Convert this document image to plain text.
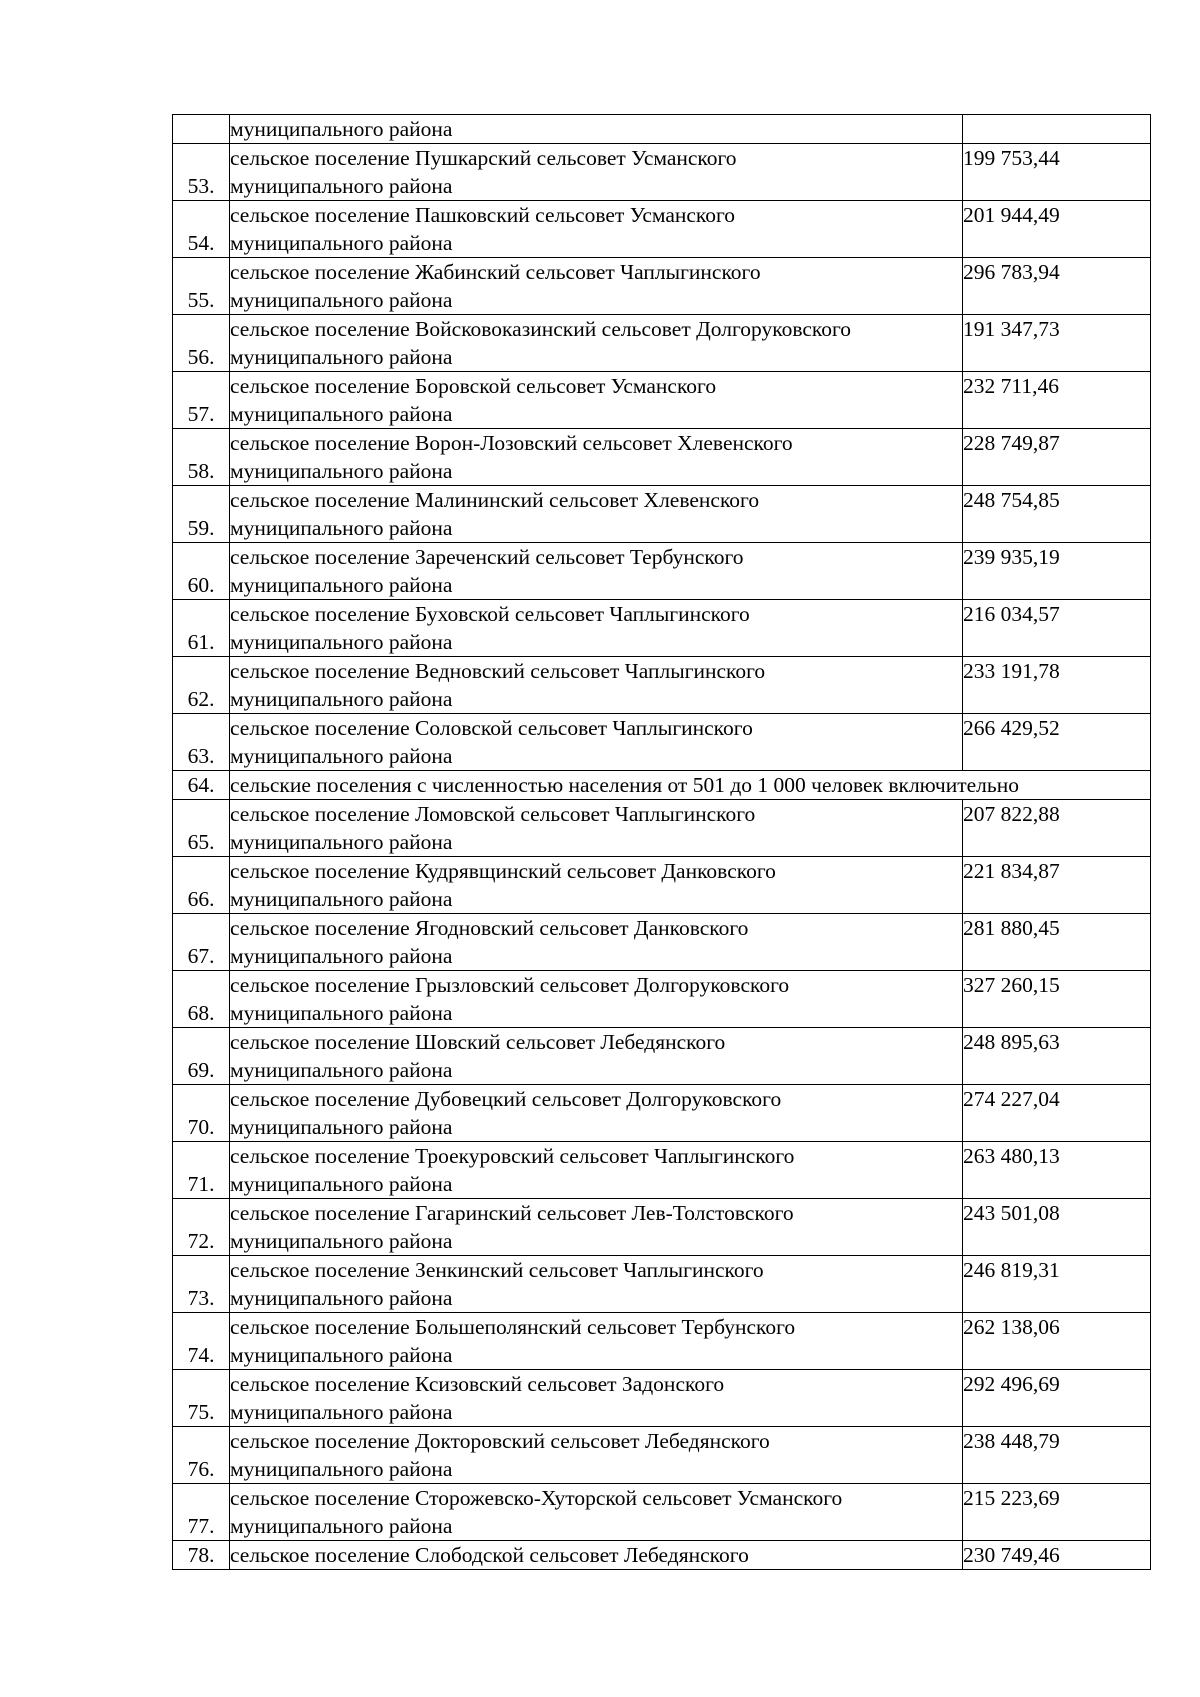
	муниципального района	

53.	сельское поселение Пушкарский сельсовет Усманского
муниципального района	199 753,44
54.	сельское поселение Пашковский сельсовет Усманского
муниципального района	201 944,49
55.	сельское поселение Жабинский сельсовет Чаплыгинского
муниципального района	296 783,94
56.	сельское поселение Войсковоказинский сельсовет Долгоруковского
муниципального района	191 347,73
57.	сельское поселение Боровской сельсовет Усманского
муниципального района	232 711,46
58.	сельское поселение Ворон-Лозовский сельсовет Хлевенского
муниципального района	228 749,87
59.	сельское поселение Малининский сельсовет Хлевенского
муниципального района	248 754,85
60.	сельское поселение Зареченский сельсовет Тербунского
муниципального района	239 935,19
61.	сельское поселение Буховской сельсовет Чаплыгинского
муниципального района	216 034,57
62.	сельское поселение Ведновский сельсовет Чаплыгинского
муниципального района	233 191,78
63.	сельское поселение Соловской сельсовет Чаплыгинского
муниципального района	266 429,52
64.	сельские поселения с численностью населения от 501 до 1 000 человек включительно	
65.	сельское поселение Ломовской сельсовет Чаплыгинского
муниципального района	207 822,88
66.	сельское поселение Кудрявщинский сельсовет Данковского
муниципального района	221 834,87
67.	сельское поселение Ягодновский сельсовет Данковского
муниципального района	281 880,45
68.	сельское поселение Грызловский сельсовет Долгоруковского
муниципального района	327 260,15
69.	сельское поселение Шовский сельсовет Лебедянского
муниципального района	248 895,63
70.	сельское поселение Дубовецкий сельсовет Долгоруковского
муниципального района	274 227,04
71.	сельское поселение Троекуровский сельсовет Чаплыгинского
муниципального района	263 480,13
72.	сельское поселение Гагаринский сельсовет Лев-Толстовского
муниципального района	243 501,08
73.	сельское поселение Зенкинский сельсовет Чаплыгинского
муниципального района	246 819,31
74.	сельское поселение Большеполянский сельсовет Тербунского
муниципального района	262 138,06
75.	сельское поселение Ксизовский сельсовет Задонского
муниципального района	292 496,69
76.	сельское поселение Докторовский сельсовет Лебедянского
муниципального района	238 448,79
77.	сельское поселение Сторожевско-Хуторской сельсовет Усманского
муниципального района	215 223,69
78.	сельское поселение Слободской сельсовет Лебедянского	230 749,46
